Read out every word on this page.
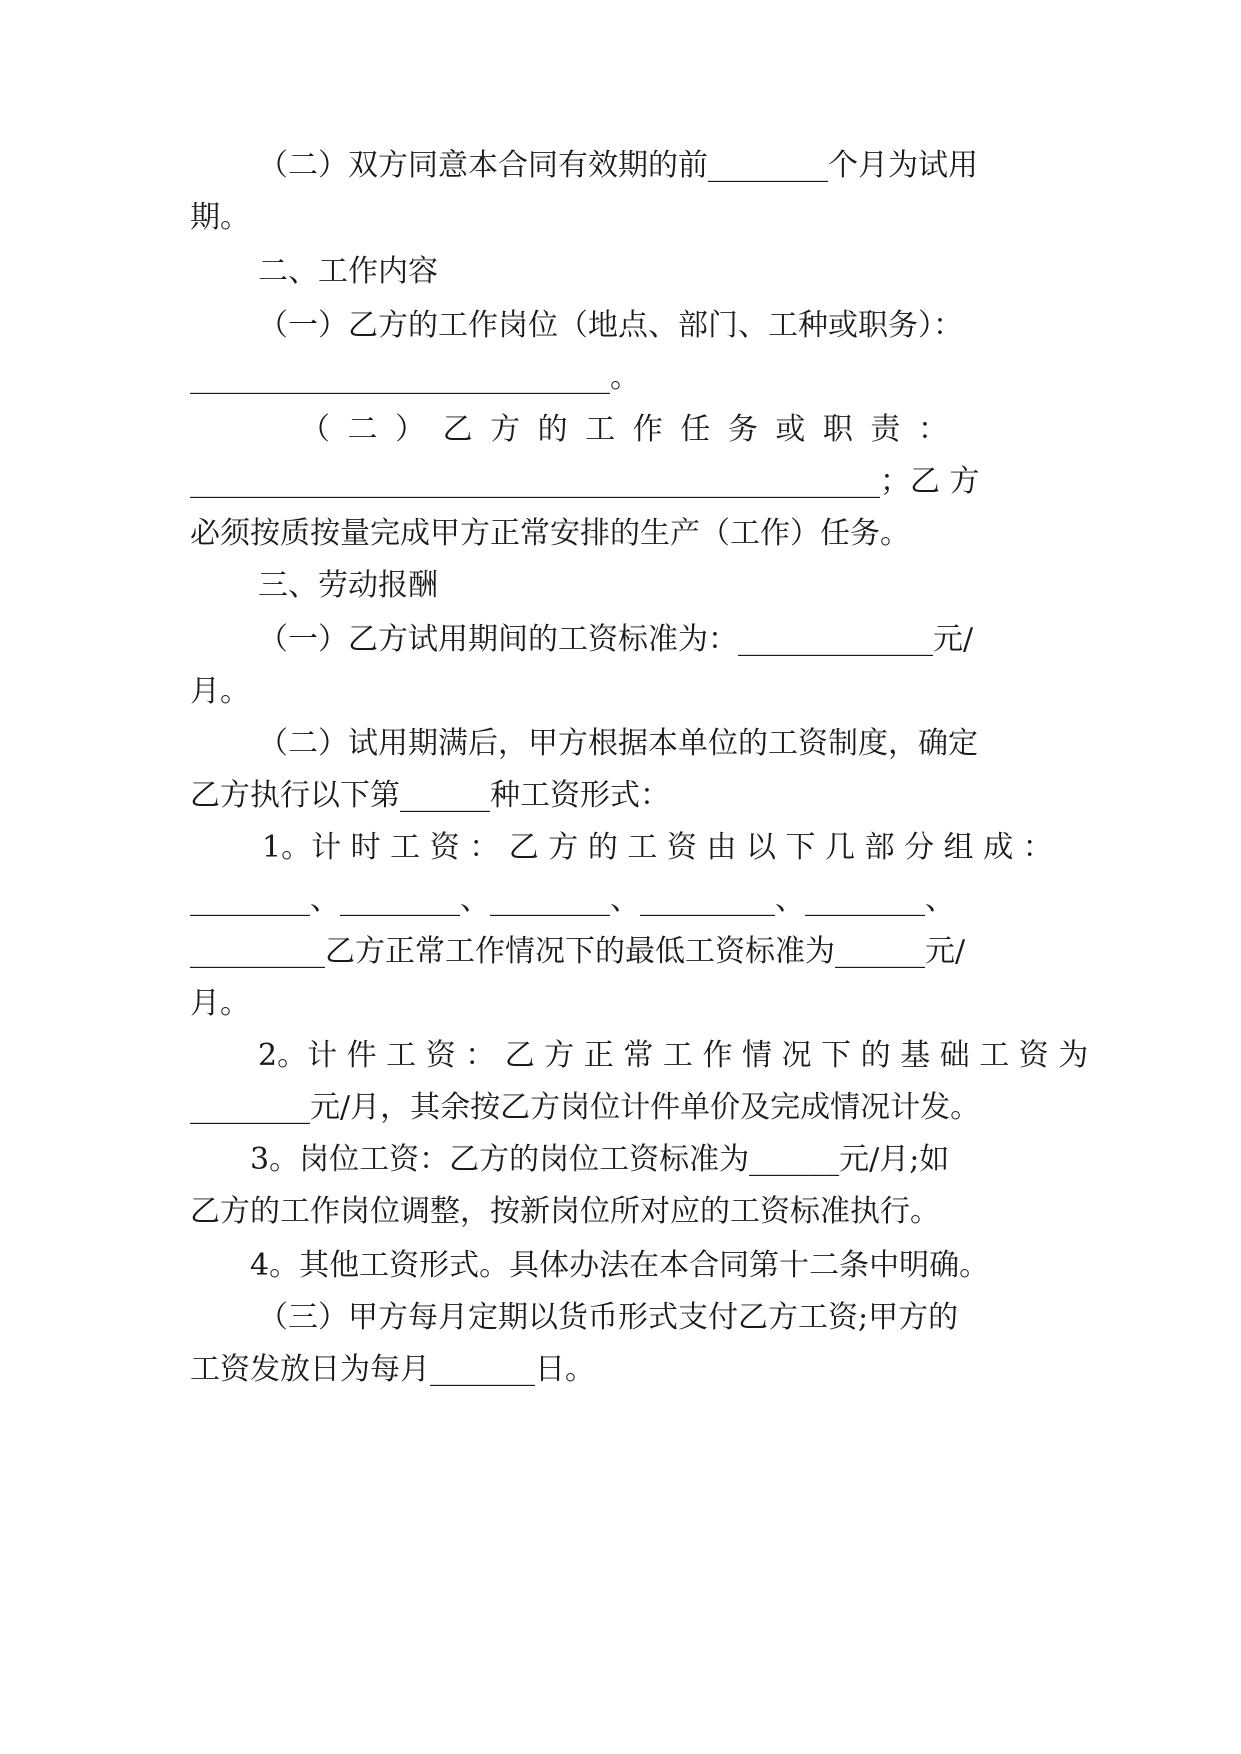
（二）双方同意本合同有效期的前________个月为试用

期。

二、工作内容

（一）乙方的工作岗位（地点、部门、工种或职务）：

____________________________。

（ 二 ） 乙 方 的 工 作 任 务 或 职 责 ：

______________________________________________；乙 方

必须按质按量完成甲方正常安排的生产（工作）任务。

三、劳动报酬

（一）乙方试用期间的工资标准为：_____________元/

月。

（二）试用期满后，甲方根据本单位的工资制度，确定

乙方执行以下第______种工资形式：

1。计 时 工 资 ： 乙 方 的 工 资 由 以 下 几 部 分 组 成 ：

________、________、________、_________、________、

_________乙方正常工作情况下的最低工资标准为______元/

月。

2。计 件 工 资 ： 乙 方 正 常 工 作 情 况 下 的 基 础 工 资 为

________元/月，其余按乙方岗位计件单价及完成情况计发。

3。岗位工资：乙方的岗位工资标准为______元/月;如

乙方的工作岗位调整，按新岗位所对应的工资标准执行。

4。其他工资形式。具体办法在本合同第十二条中明确。

（三）甲方每月定期以货币形式支付乙方工资;甲方的

工资发放日为每月_______日。
